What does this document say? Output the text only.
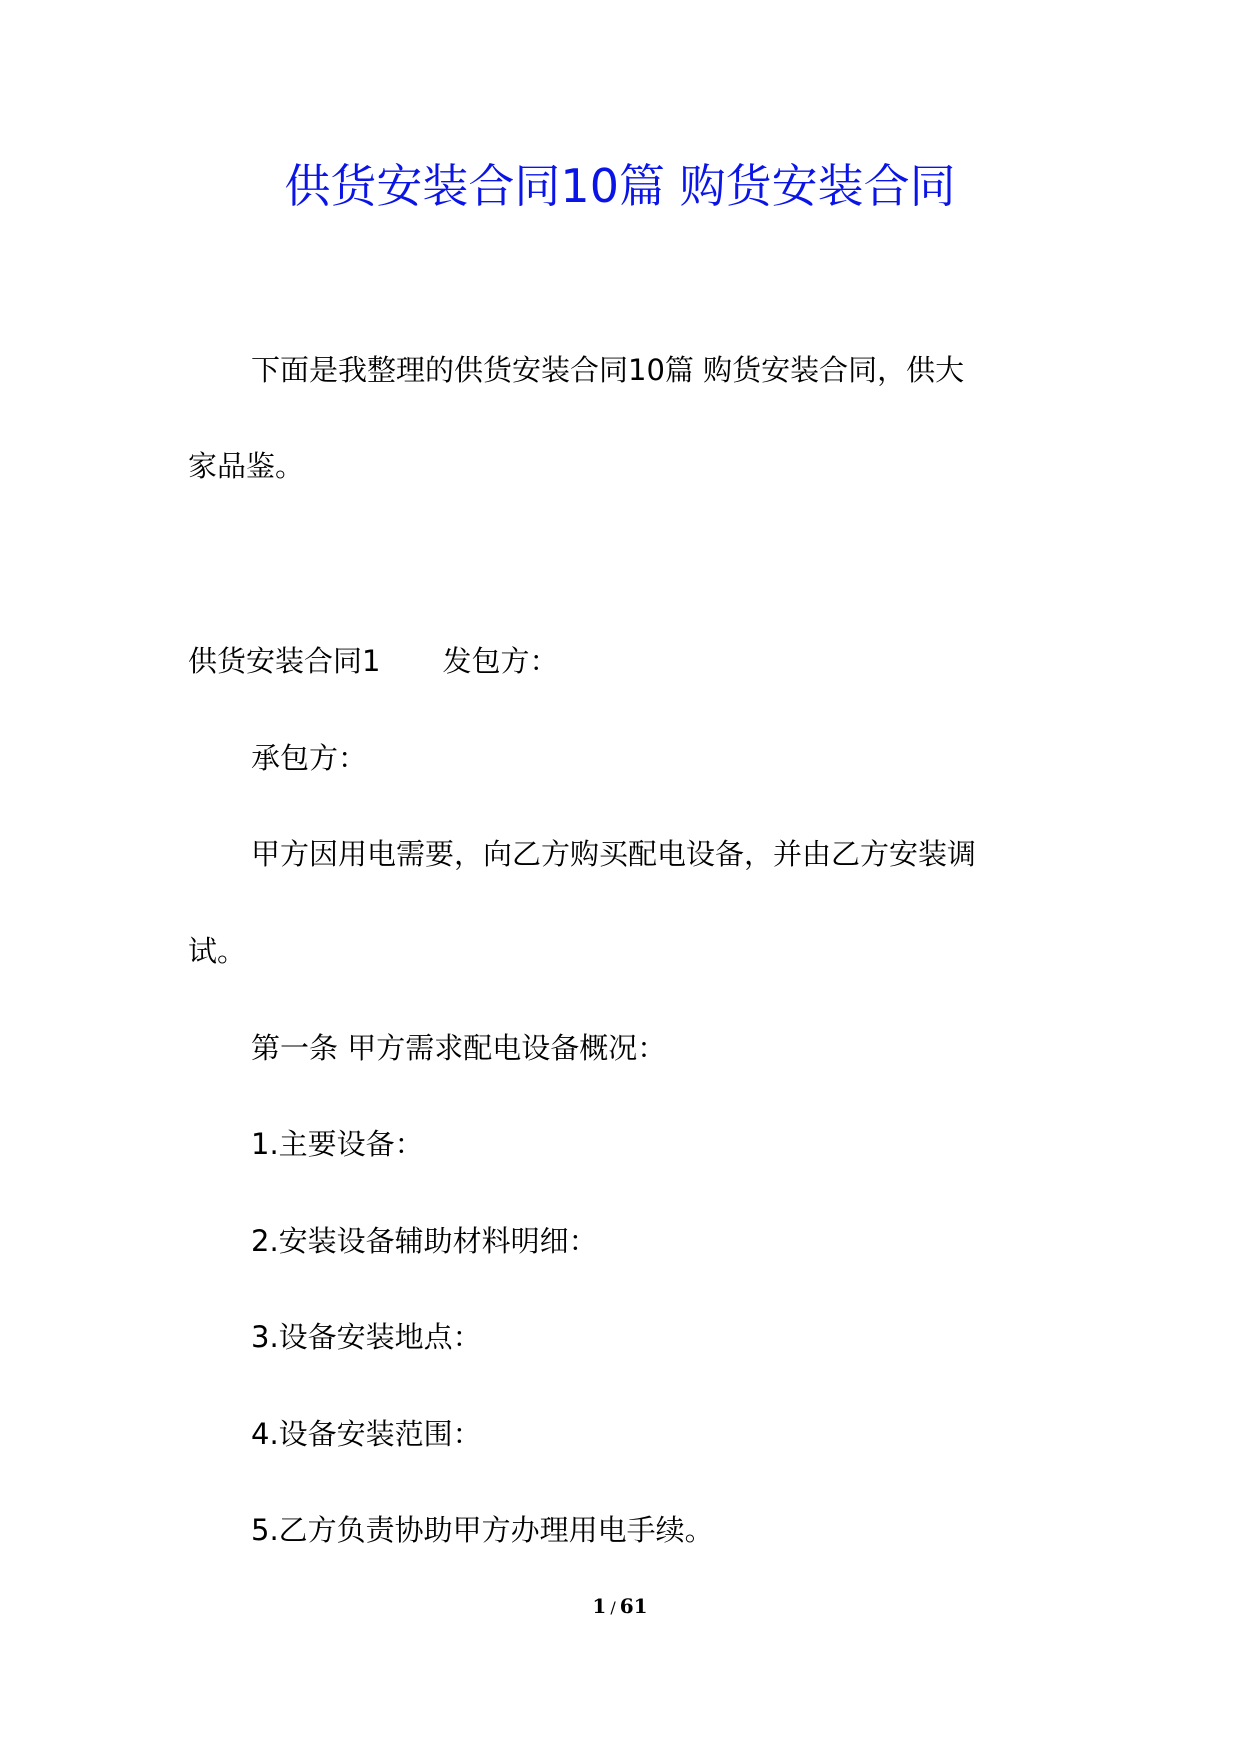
供货安装合同10篇 购货安装合同
下面是我整理的供货安装合同10篇 购货安装合同，供大
家品鉴。
供货安装合同1 发包方：
承包方：
甲方因用电需要，向乙方购买配电设备，并由乙方安装调
试。
第一条 甲方需求配电设备概况：
1.主要设备：
2.安装设备辅助材料明细：
3.设备安装地点：
4.设备安装范围：
5.乙方负责协助甲方办理用电手续。
1 / 61
